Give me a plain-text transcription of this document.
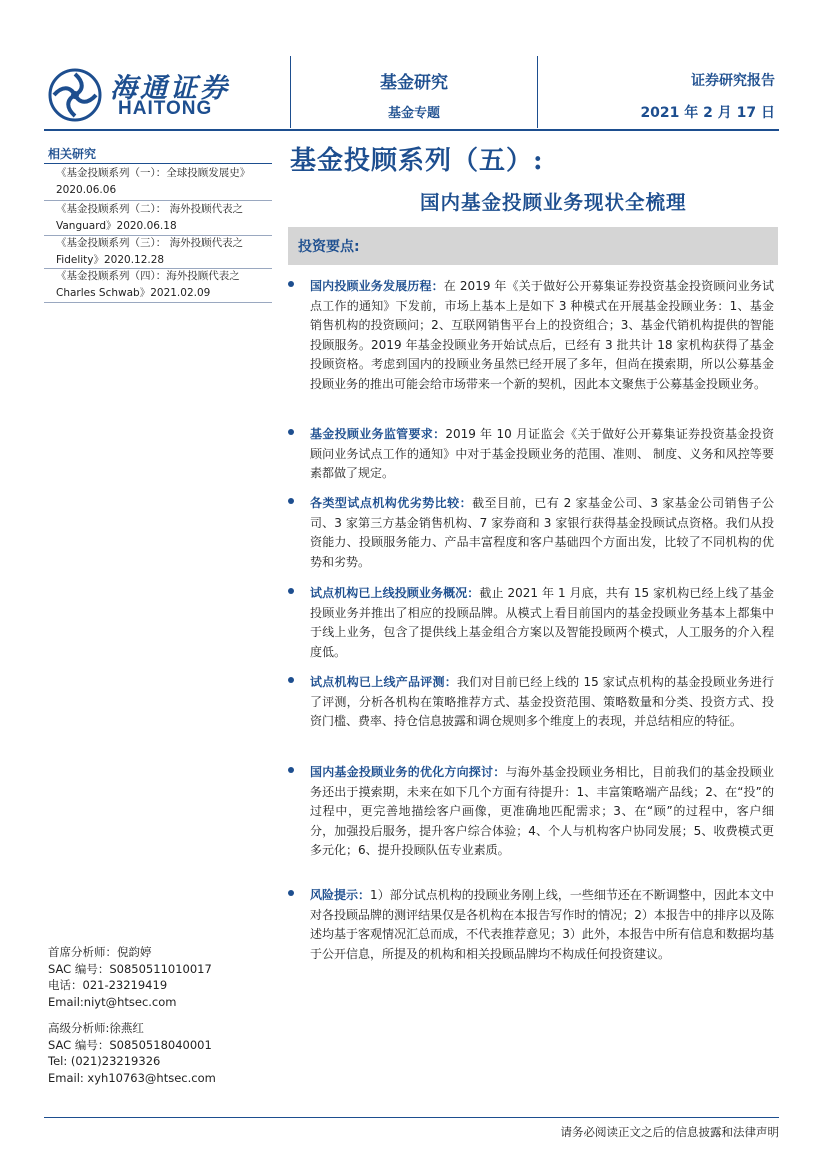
海通证券
HAITONG
基金研究
基金专题
证券研究报告
2021 年 2 月 17 日
相关研究
《基金投顾系列（一）：全球投顾发展史》
2020.06.06
《基金投顾系列（二）： 海外投顾代表之
Vanguard》2020.06.18
《基金投顾系列（三）： 海外投顾代表之
Fidelity》2020.12.28
《基金投顾系列（四）：海外投顾代表之
Charles Schwab》2021.02.09
首席分析师：倪韵婷
SAC 编号：S0850511010017
电话：021-23219419
Email:niyt@htsec.com
高级分析师:徐燕红
SAC 编号：S0850518040001
Tel: (021)23219326
Email: xyh10763@htsec.com
基金投顾系列（五）:
国内基金投顾业务现状全梳理
投资要点:
国内投顾业务发展历程：在 2019 年《关于做好公开募集证券投资基金投资顾问业务试点工作的通知》下发前，市场上基本上是如下 3 种模式在开展基金投顾业务：1、基金销售机构的投资顾问；2、互联网销售平台上的投资组合；3、基金代销机构提供的智能投顾服务。2019 年基金投顾业务开始试点后，已经有 3 批共计 18 家机构获得了基金投顾资格。考虑到国内的投顾业务虽然已经开展了多年，但尚在摸索期，所以公募基金投顾业务的推出可能会给市场带来一个新的契机，因此本文聚焦于公募基金投顾业务。
基金投顾业务监管要求：2019 年 10 月证监会《关于做好公开募集证券投资基金投资顾问业务试点工作的通知》中对于基金投顾业务的范围、准则、 制度、义务和风控等要素都做了规定。
各类型试点机构优劣势比较：截至目前，已有 2 家基金公司、3 家基金公司销售子公司、3 家第三方基金销售机构、7 家券商和 3 家银行获得基金投顾试点资格。我们从投资能力、投顾服务能力、产品丰富程度和客户基础四个方面出发，比较了不同机构的优势和劣势。
试点机构已上线投顾业务概况：截止 2021 年 1 月底，共有 15 家机构已经上线了基金投顾业务并推出了相应的投顾品牌。从模式上看目前国内的基金投顾业务基本上都集中于线上业务，包含了提供线上基金组合方案以及智能投顾两个模式，人工服务的介入程度低。
试点机构已上线产品评测：我们对目前已经上线的 15 家试点机构的基金投顾业务进行了评测，分析各机构在策略推荐方式、基金投资范围、策略数量和分类、投资方式、投资门槛、费率、持仓信息披露和调仓规则多个维度上的表现，并总结相应的特征。
国内基金投顾业务的优化方向探讨：与海外基金投顾业务相比，目前我们的基金投顾业务还出于摸索期，未来在如下几个方面有待提升：1、丰富策略端产品线；2、在“投”的过程中，更完善地描绘客户画像，更准确地匹配需求；3、在“顾”的过程中，客户细分，加强投后服务，提升客户综合体验；4、个人与机构客户协同发展；5、收费模式更多元化；6、提升投顾队伍专业素质。
风险提示：1）部分试点机构的投顾业务刚上线，一些细节还在不断调整中，因此本文中对各投顾品牌的测评结果仅是各机构在本报告写作时的情况；2）本报告中的排序以及陈述均基于客观情况汇总而成，不代表推荐意见；3）此外，本报告中所有信息和数据均基于公开信息，所提及的机构和相关投顾品牌均不构成任何投资建议。
请务必阅读正文之后的信息披露和法律声明
